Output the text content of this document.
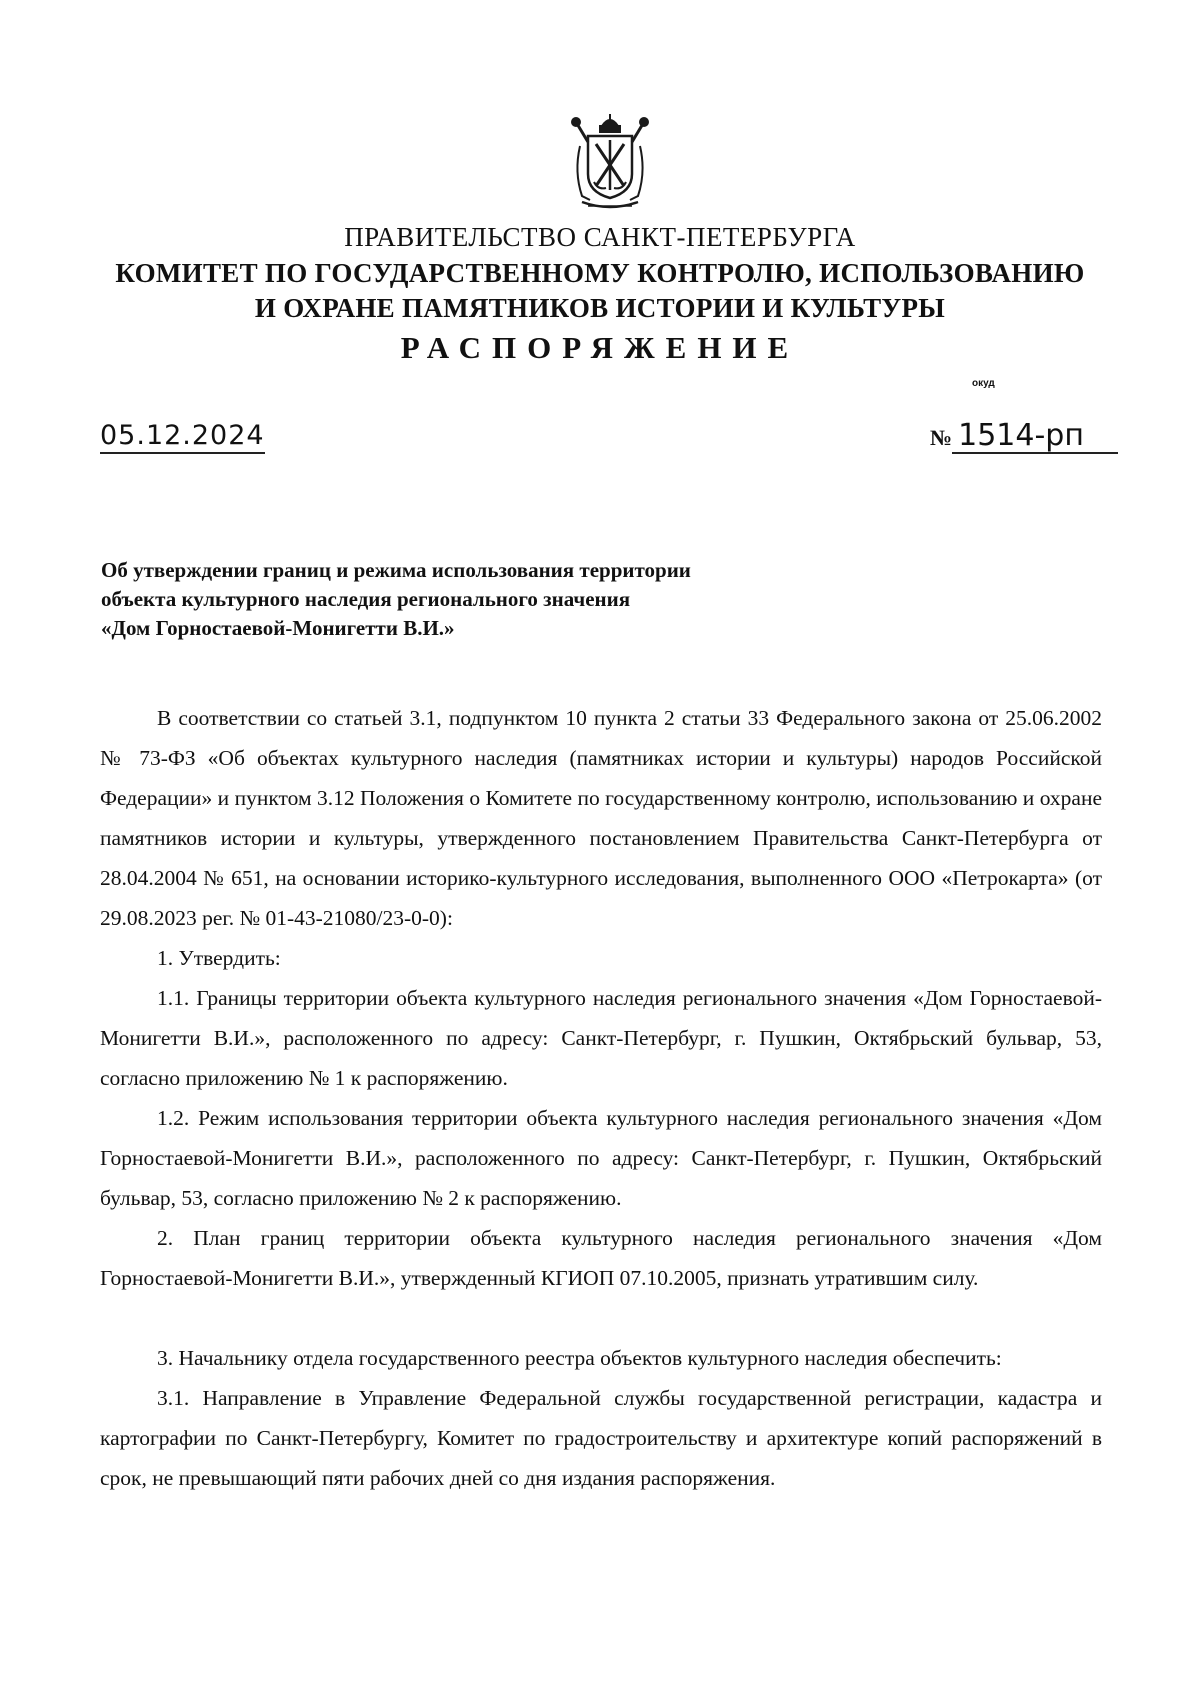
ПРАВИТЕЛЬСТВО САНКТ-ПЕТЕРБУРГА
КОМИТЕТ ПО ГОСУДАРСТВЕННОМУ КОНТРОЛЮ, ИСПОЛЬЗОВАНИЮ
И ОХРАНЕ ПАМЯТНИКОВ ИСТОРИИ И КУЛЬТУРЫ
РАСПОРЯЖЕНИЕ
окуд
05.12.2024	№ 1514-рп
Об утверждении границ и режима использования территории
объекта культурного наследия регионального значения
«Дом Горностаевой-Монигетти В.И.»

В соответствии со статьей 3.1, подпунктом 10 пункта 2 статьи 33 Федерального закона от 25.06.2002 № 73-ФЗ «Об объектах культурного наследия (памятниках истории и культуры) народов Российской Федерации» и пунктом 3.12 Положения о Комитете по государственному контролю, использованию и охране памятников истории и культуры, утвержденного постановлением Правительства Санкт-Петербурга от 28.04.2004 № 651, на основании историко-культурного исследования, выполненного ООО «Петрокарта» (от 29.08.2023 рег. № 01-43-21080/23-0-0):

1. Утвердить:

1.1. Границы территории объекта культурного наследия регионального значения «Дом Горностаевой-Монигетти В.И.», расположенного по адресу: Санкт-Петербург, г. Пушкин, Октябрьский бульвар, 53, согласно приложению № 1 к распоряжению.

1.2. Режим использования территории объекта культурного наследия регионального значения «Дом Горностаевой-Монигетти В.И.», расположенного по адресу: Санкт-Петербург, г. Пушкин, Октябрьский бульвар, 53, согласно приложению № 2 к распоряжению.

2. План границ территории объекта культурного наследия регионального значения «Дом Горностаевой-Монигетти В.И.», утвержденный КГИОП 07.10.2005, признать утратившим силу.

3. Начальнику отдела государственного реестра объектов культурного наследия обеспечить:

3.1. Направление в Управление Федеральной службы государственной регистрации, кадастра и картографии по Санкт-Петербургу, Комитет по градостроительству и архитектуре копий распоряжений в срок, не превышающий пяти рабочих дней со дня издания распоряжения.
